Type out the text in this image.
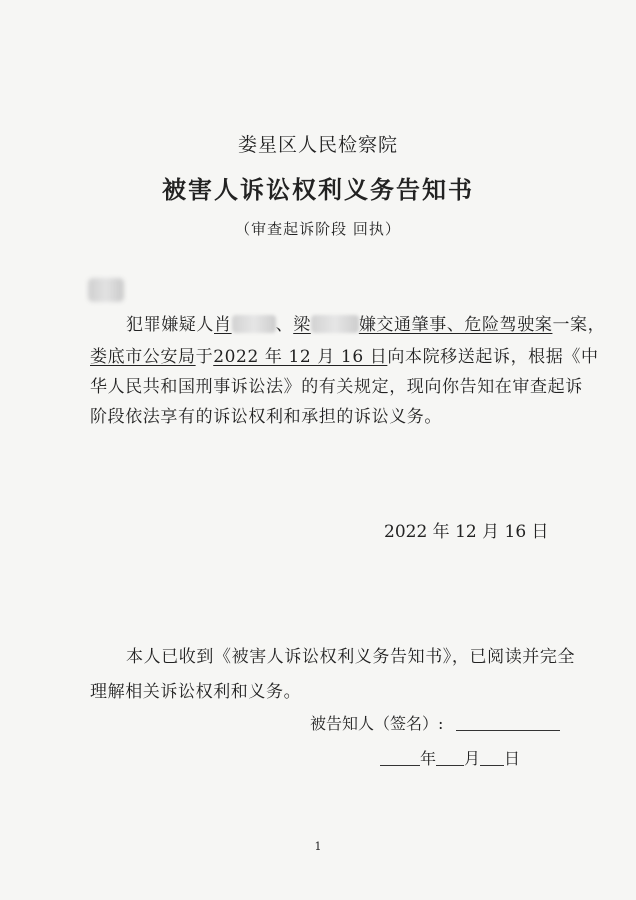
娄星区人民检察院
被害人诉讼权利义务告知书
（审查起诉阶段 回执）
犯罪嫌疑人肖	、梁	嫌交通肇事、危险驾驶案一案，
娄底市公安局于2022 年 12 月 16 日向本院移送起诉，根据《中
华人民共和国刑事诉讼法》的有关规定，现向你告知在审查起诉
阶段依法享有的诉讼权利和承担的诉讼义务。
2022 年 12 月 16 日
本人已收到《被害人诉讼权利义务告知书》，已阅读并完全
理解相关诉讼权利和义务。
被告知人（签名）:
年 月 日
1
